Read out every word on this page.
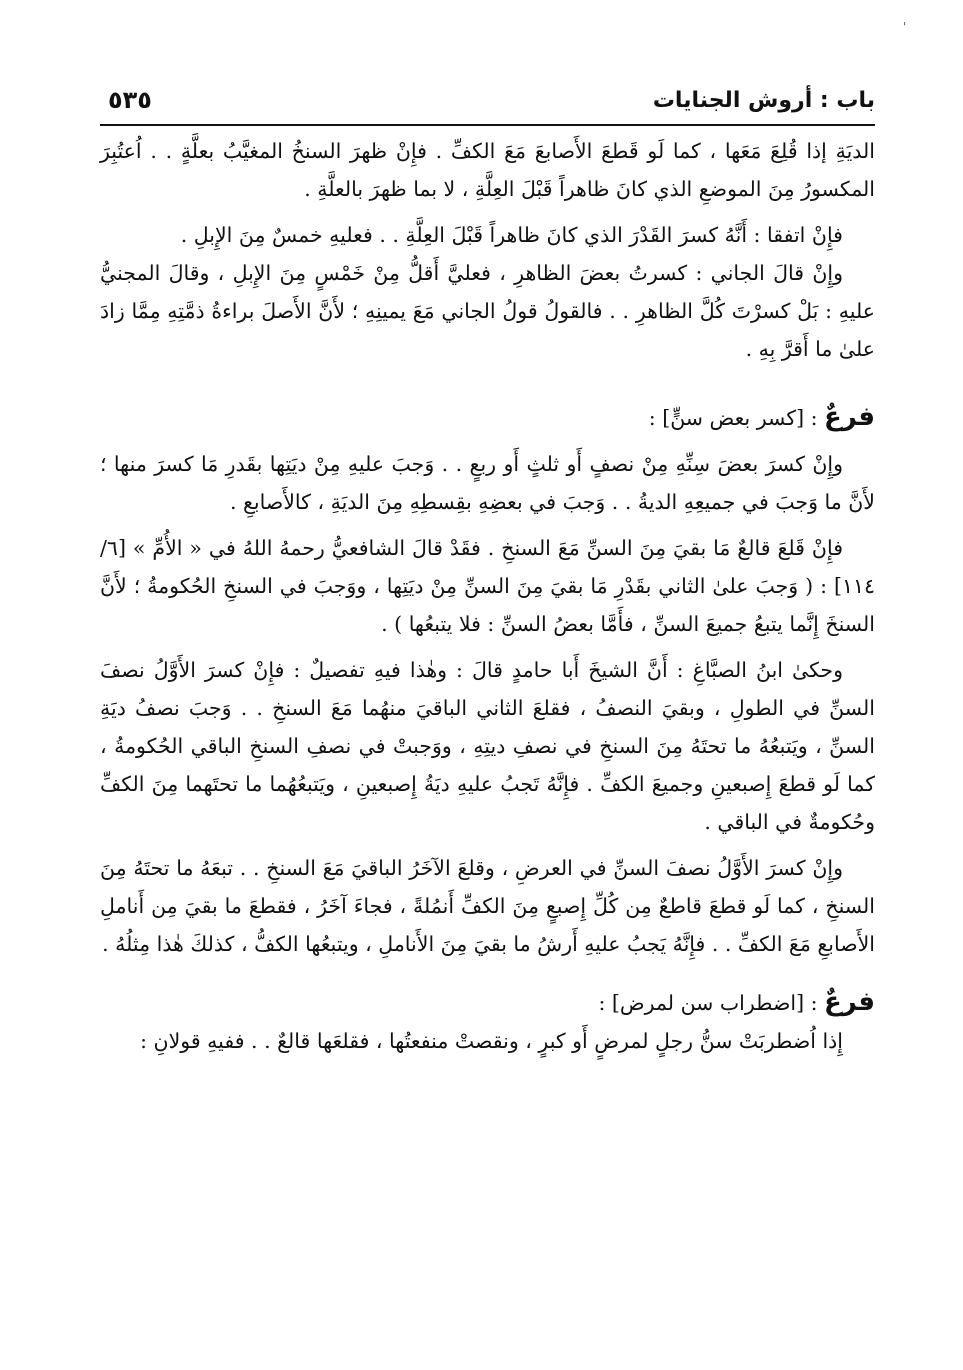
'
باب : أروش الجنايات
٥٣٥

الديَةِ إذا قُلِعَ مَعَها ، كما لَو قَطعَ الأَصابعَ مَعَ الكفِّ . فإِنْ ظهرَ السنخُ المغيَّبُ بعلَّةٍ . . اُعتُبِرَ المكسورُ مِنَ الموضعِ الذي كانَ ظاهراً قَبْلَ العِلَّةِ ، لا بما ظهرَ بالعلَّةِ .

فإِنْ اتفقا : أَنَّهُ كسرَ القَدْرَ الذي كانَ ظاهراً قَبْلَ العِلَّةِ . . فعليهِ خمسٌ مِنَ الإِبلِ .

وإِنْ قالَ الجاني : كسرتُ بعضَ الظاهرِ ، فعليَّ أَقلُّ مِنْ خَمْسٍ مِنَ الإِبلِ ، وقالَ المجنيُّ عليهِ : بَلْ كسرْتَ كُلَّ الظاهرِ . . فالقولُ قولُ الجاني مَعَ يمينِهِ ؛ لأَنَّ الأَصلَ براءةُ ذمَّتِهِ مِمَّا زادَ علىٰ ما أَقرَّ بِهِ .

فرعٌ : [كسر بعض سنٍّ] :

وإِنْ كسرَ بعضَ سِنِّهِ مِنْ نصفٍ أَو ثلثٍ أَو ربعٍ . . وَجبَ عليهِ مِنْ ديَتِها بقَدرِ مَا كسرَ منها ؛ لأَنَّ ما وَجبَ في جميعِهِ الديةُ . . وَجبَ في بعضِهِ بقِسطِهِ مِنَ الديَةِ ، كالأَصابعِ .

فإِنْ قَلعَ قالعٌ مَا بقيَ مِنَ السنِّ مَعَ السنخِ . فقَدْ قالَ الشافعيُّ رحمهُ اللهُ في « الأُمِّ » [٦/ ١١٤] : ( وَجبَ علىٰ الثاني بقَدْرِ مَا بقيَ مِنَ السنِّ مِنْ ديَتِها ، ووَجبَ في السنخِ الحُكومةُ ؛ لأَنَّ السنخَ إِنَّما يتبعُ جميعَ السنِّ ، فأَمَّا بعضُ السنِّ : فلا يتبعُها ) .

وحكىٰ ابنُ الصبَّاغِ : أَنَّ الشيخَ أَبا حامدٍ قالَ : وهٰذا فيهِ تفصيلٌ : فإِنْ كسرَ الأَوَّلُ نصفَ السنِّ في الطولِ ، وبقيَ النصفُ ، فقلعَ الثاني الباقيَ منهُما مَعَ السنخِ . . وَجبَ نصفُ ديَةِ السنِّ ، ويَتبعُهُ ما تحتَهُ مِنَ السنخِ في نصفِ ديتِهِ ، ووَجبتْ في نصفِ السنخِ الباقي الحُكومةُ ، كما لَو قطعَ إِصبعينِ وجميعَ الكفِّ . فإِنَّهُ تَجبُ عليهِ ديَةُ إِصبعينِ ، ويَتبعُهُما ما تحتَهما مِنَ الكفِّ وحُكومةٌ في الباقي .

وإِنْ كسرَ الأَوَّلُ نصفَ السنِّ في العرضِ ، وقلعَ الآخَرُ الباقيَ مَعَ السنخِ . . تبعَهُ ما تحتَهُ مِنَ السنخِ ، كما لَو قطعَ قاطعٌ مِن كُلِّ إِصبعٍ مِنَ الكفِّ أَنمُلةً ، فجاءَ آخَرُ ، فقطعَ ما بقيَ مِن أَناملِ الأَصابعِ مَعَ الكفِّ . . فإِنَّهُ يَجبُ عليهِ أَرشُ ما بقيَ مِنَ الأَناملِ ، ويتبعُها الكفُّ ، كذلكَ هٰذا مِثلُهُ .

فرعٌ : [اضطراب سن لمرض] :

إِذا اُضطربَتْ سنُّ رجلٍ لمرضٍ أَو كبرٍ ، ونقصتْ منفعتُها ، فقلعَها قالعٌ . . ففيهِ قولانِ :
